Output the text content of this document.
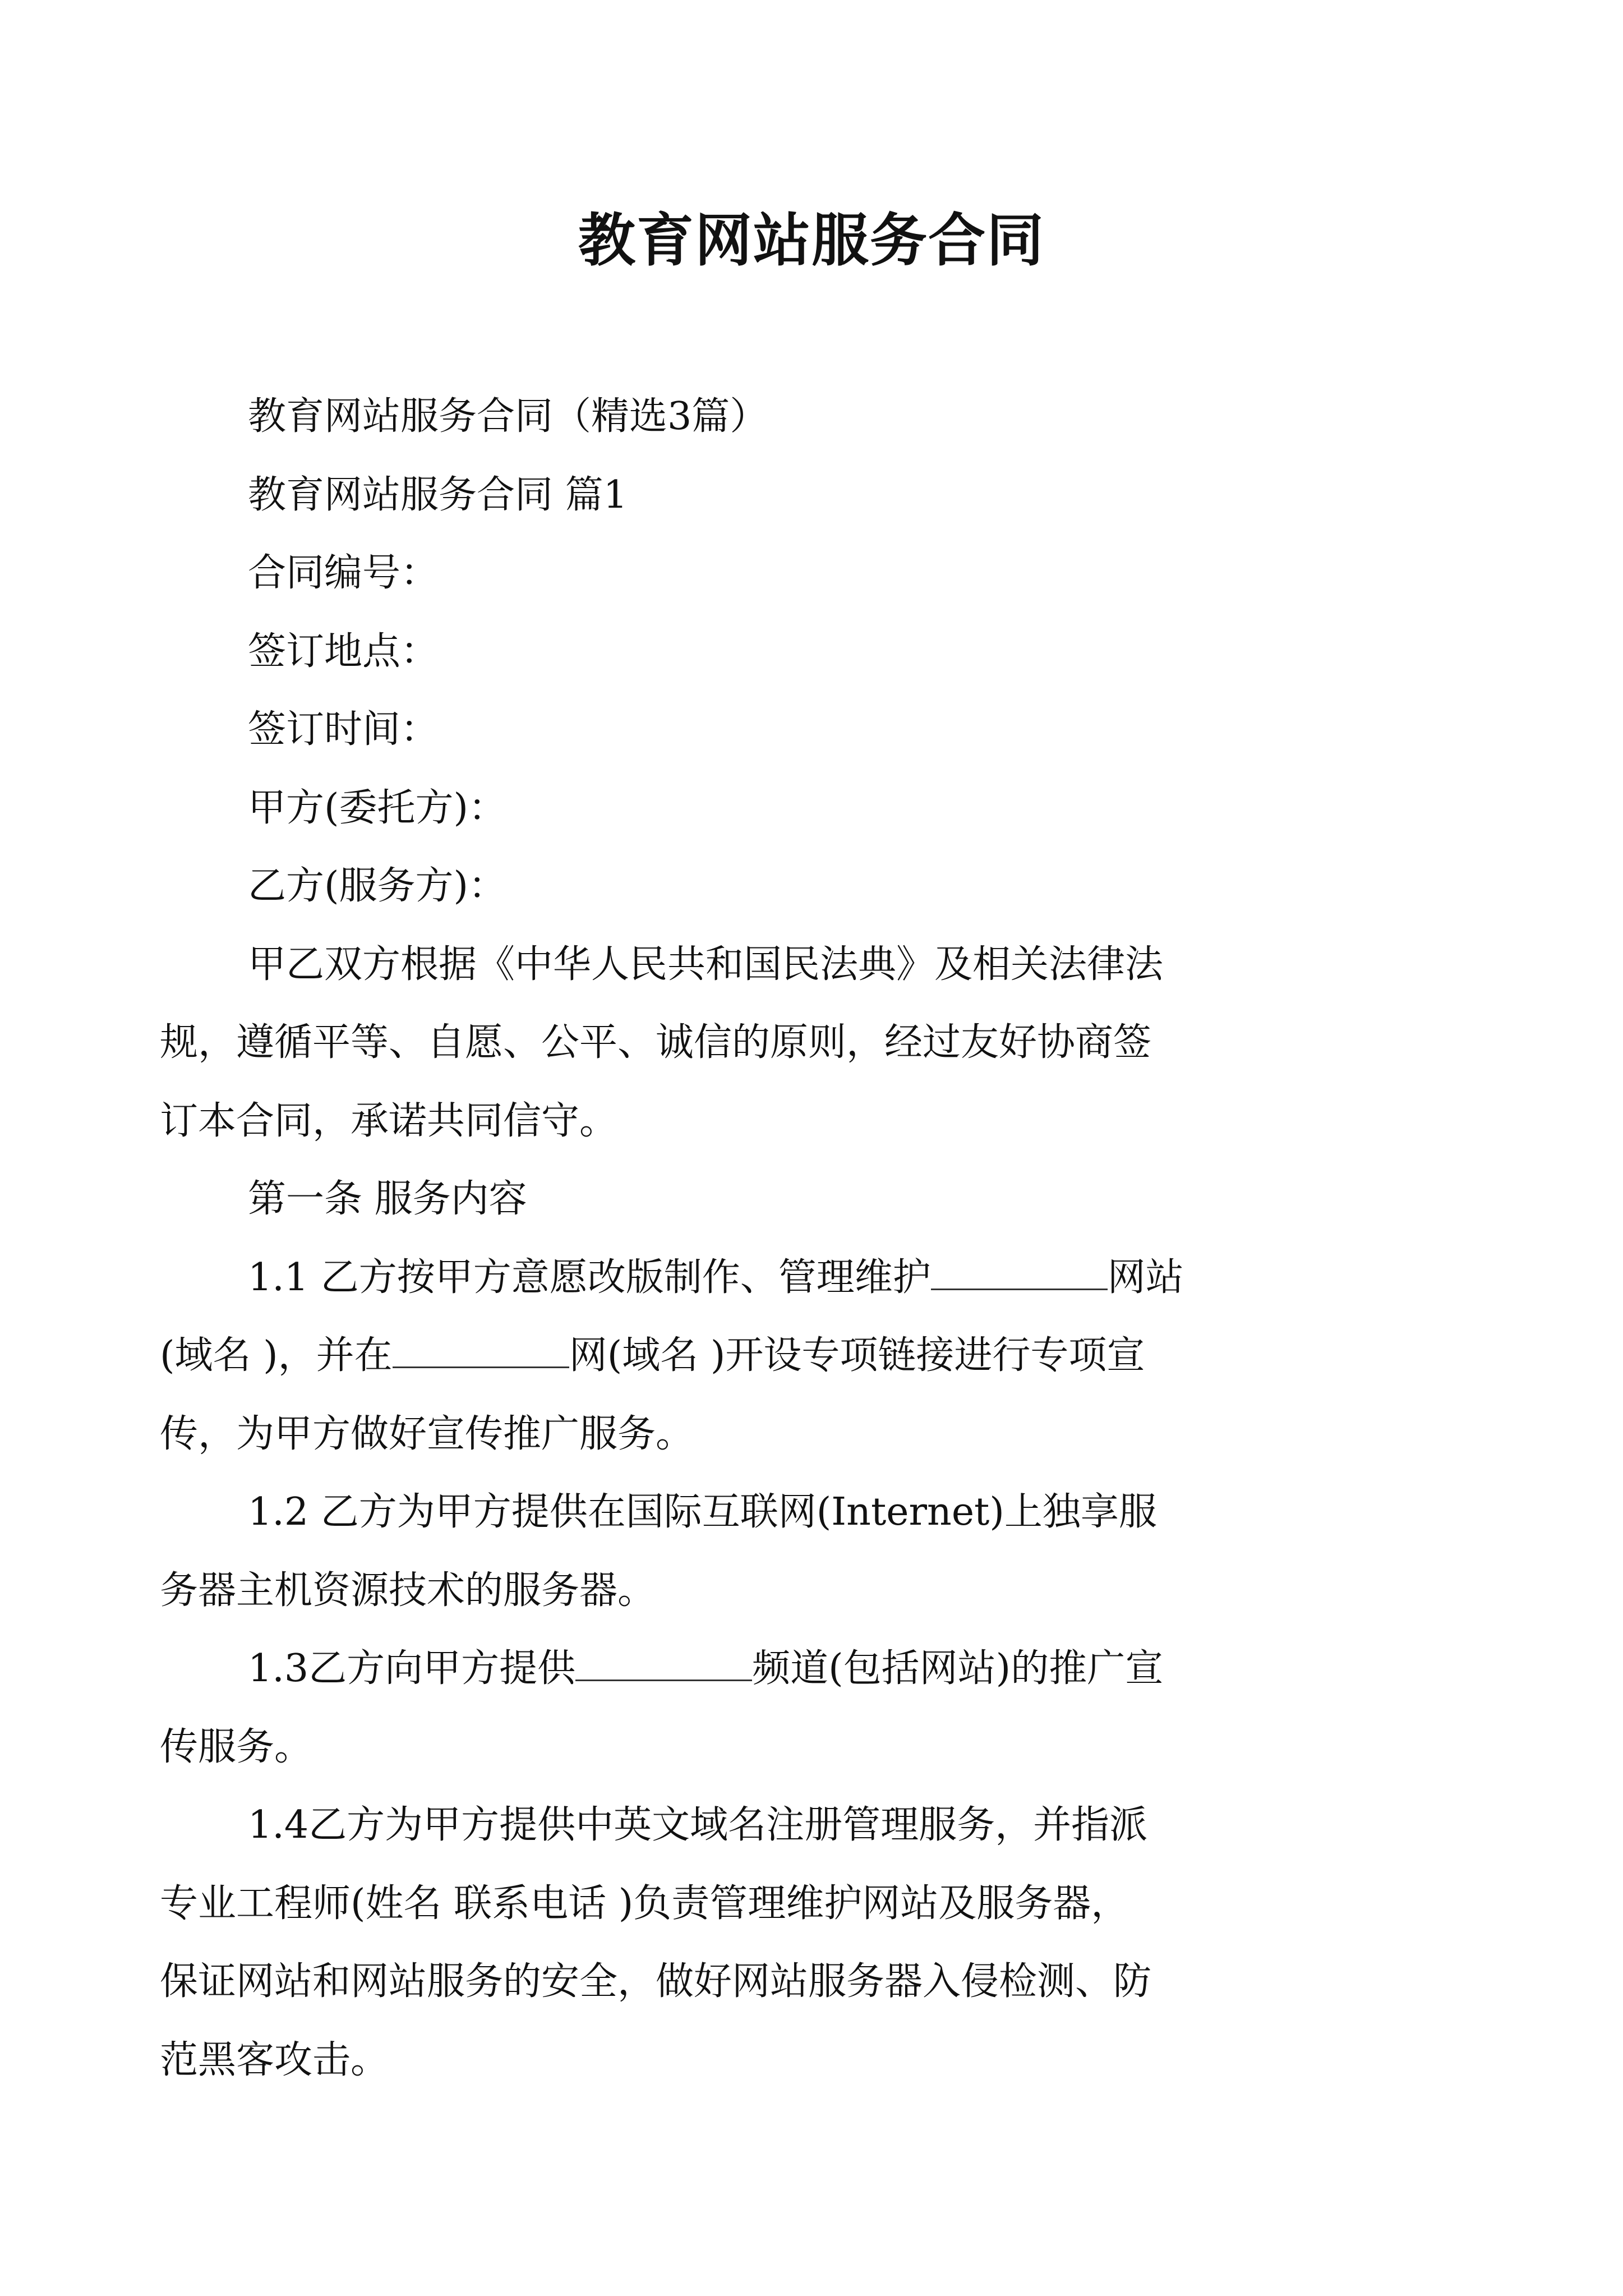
教育网站服务合同

教育网站服务合同（精选3篇）

教育网站服务合同 篇1

合同编号：

签订地点：

签订时间：

甲方(委托方)：

乙方(服务方)：

甲乙双方根据《中华人民共和国民法典》及相关法律法

规，遵循平等、自愿、公平、诚信的原则，经过友好协商签

订本合同，承诺共同信守。

第一条 服务内容

1.1 乙方按甲方意愿改版制作、管理维护	网站

(域名 )，并在	网(域名 )开设专项链接进行专项宣

传，为甲方做好宣传推广服务。

1.2 乙方为甲方提供在国际互联网(Internet)上独享服

务器主机资源技术的服务器。

1.3乙方向甲方提供	频道(包括网站)的推广宣

传服务。

1.4乙方为甲方提供中英文域名注册管理服务，并指派

专业工程师(姓名 联系电话 )负责管理维护网站及服务器，

保证网站和网站服务的安全，做好网站服务器入侵检测、防

范黑客攻击。
